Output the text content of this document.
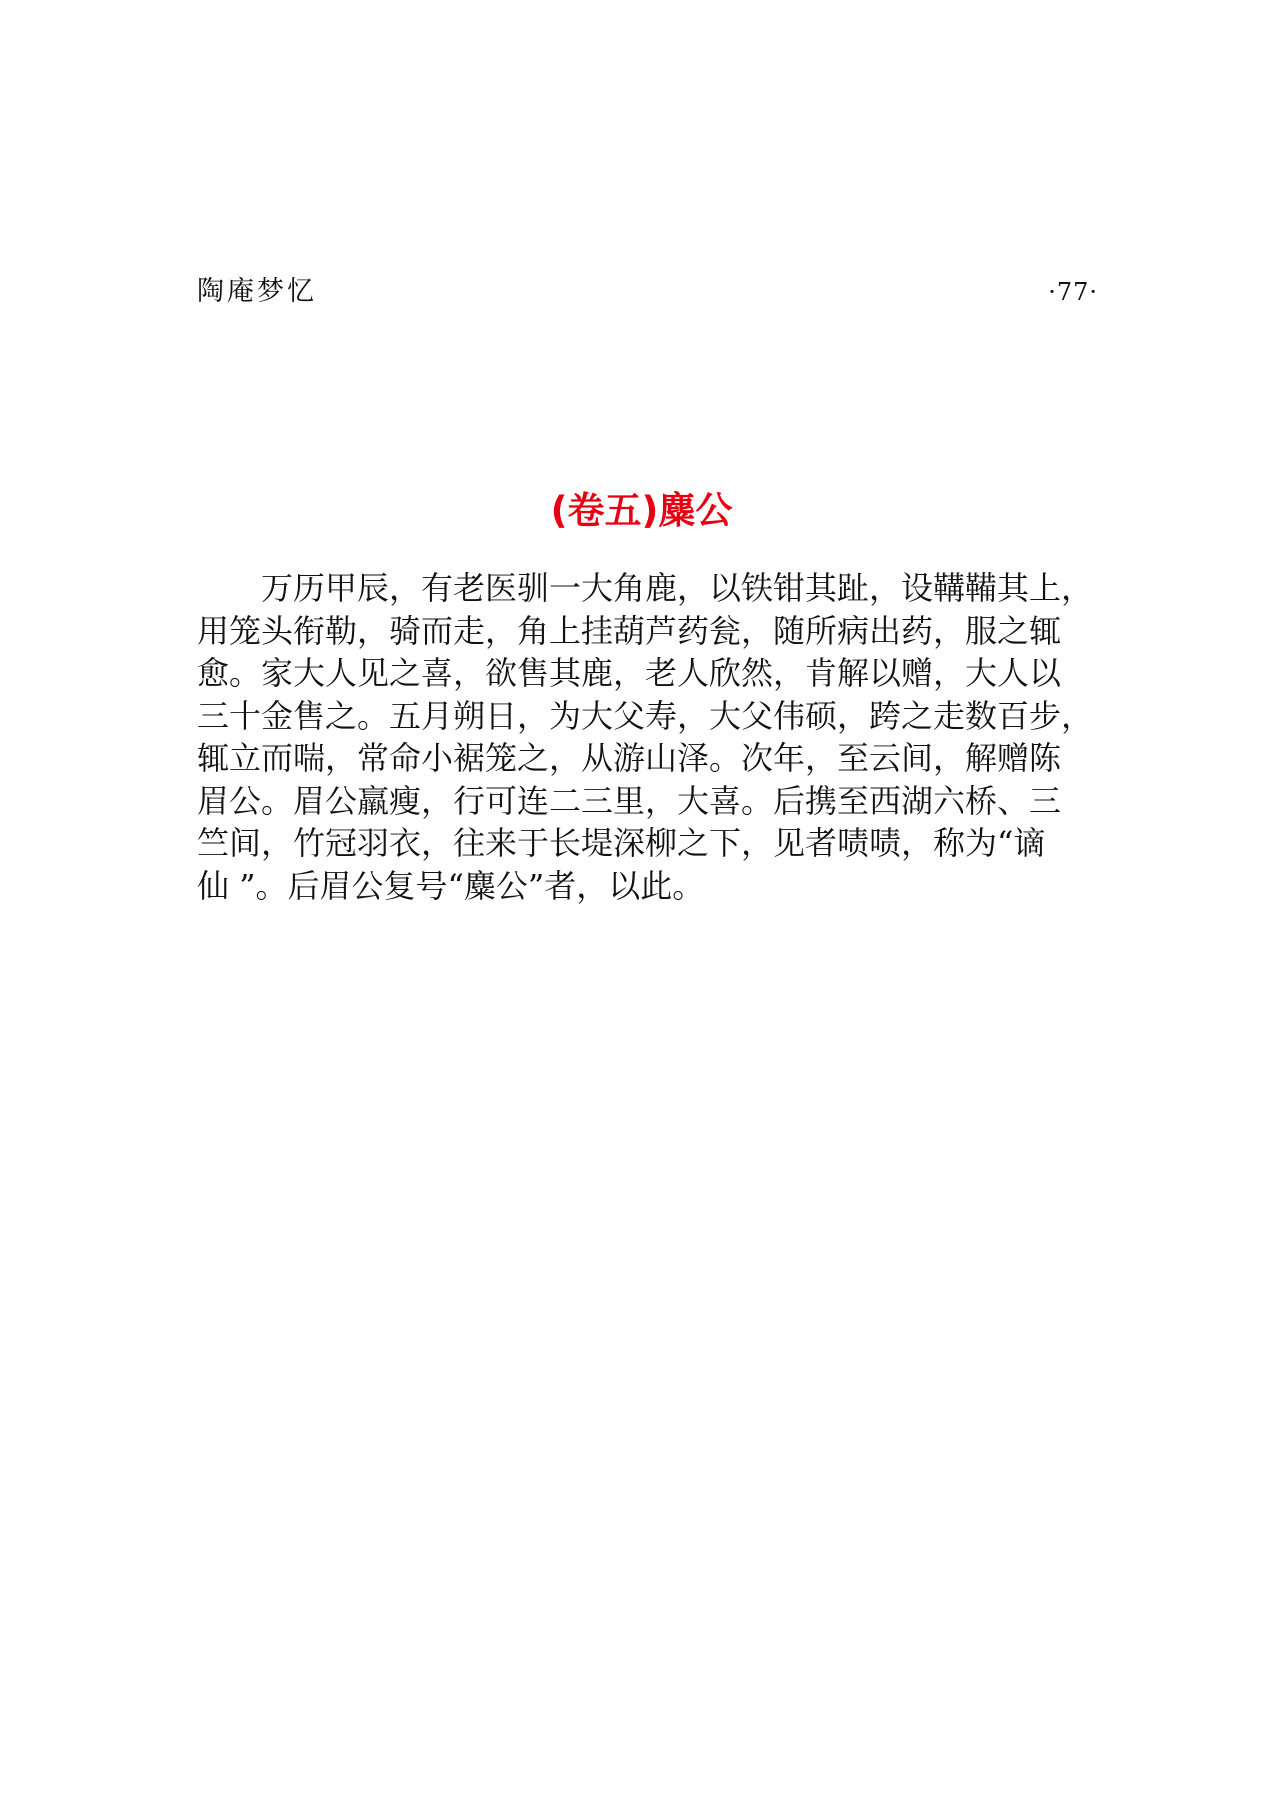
陶庵梦忆	·77·
(卷五)麋公

万历甲辰，有老医驯一大角鹿，以铁钳其趾，设鞲鞴其上，
用笼头衔勒，骑而走，角上挂葫芦药瓮，随所病出药，服之辄
愈。家大人见之喜，欲售其鹿，老人欣然，肯解以赠，大人以
三十金售之。五月朔日，为大父寿，大父伟硕，跨之走数百步，
辄立而喘，常命小裾笼之，从游山泽。次年，至云间，解赠陈
眉公。眉公羸瘦，行可连二三里，大喜。后携至西湖六桥、三
竺间，竹冠羽衣，往来于长堤深柳之下，见者啧啧，称为“谪
仙 ”。后眉公复号“麋公”者，以此。
